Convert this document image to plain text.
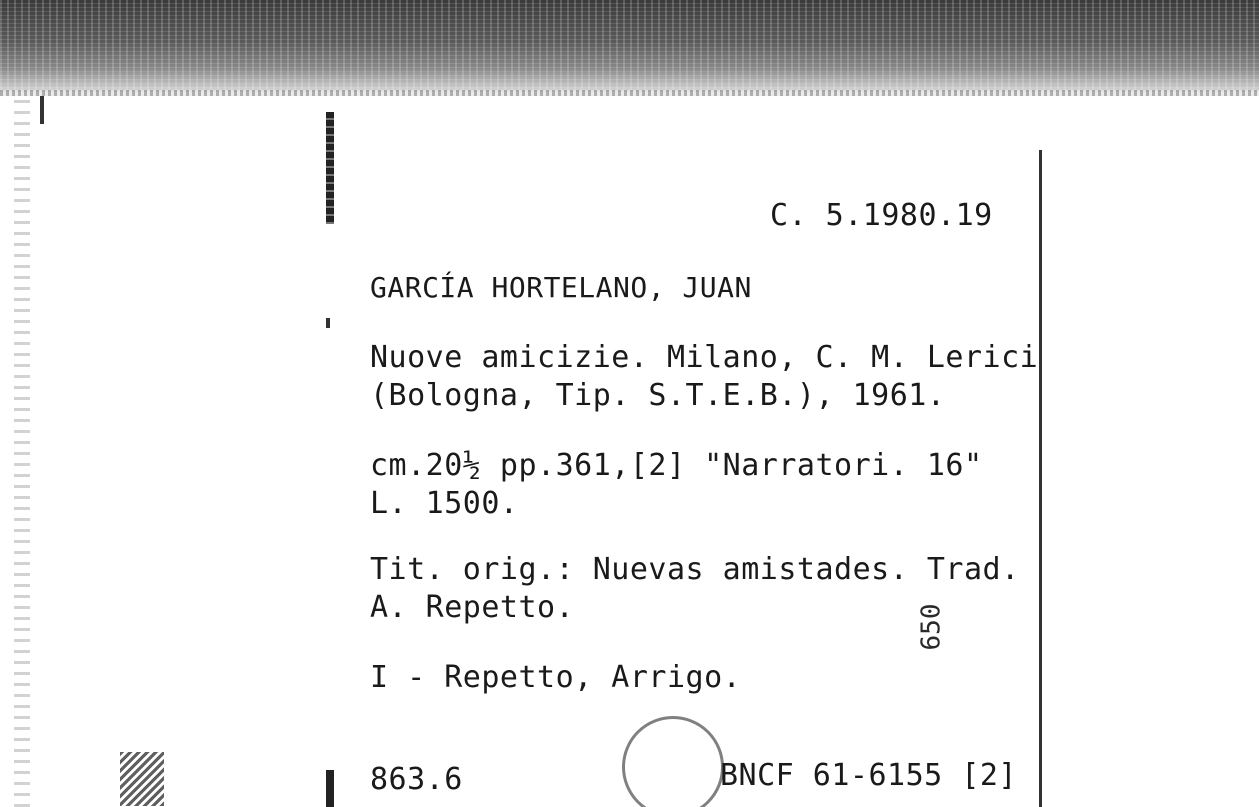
C. 5.1980.19
GARCÍA HORTELANO, JUAN
Nuove amicizie. Milano, C. M. Lerici
(Bologna, Tip. S.T.E.B.), 1961.
cm.20½ pp.361,[2] "Narratori. 16"
L. 1500.
Tit. orig.: Nuevas amistades. Trad.
A. Repetto.
I - Repetto, Arrigo.
863.6	BNCF 61-6155 [2]
650
